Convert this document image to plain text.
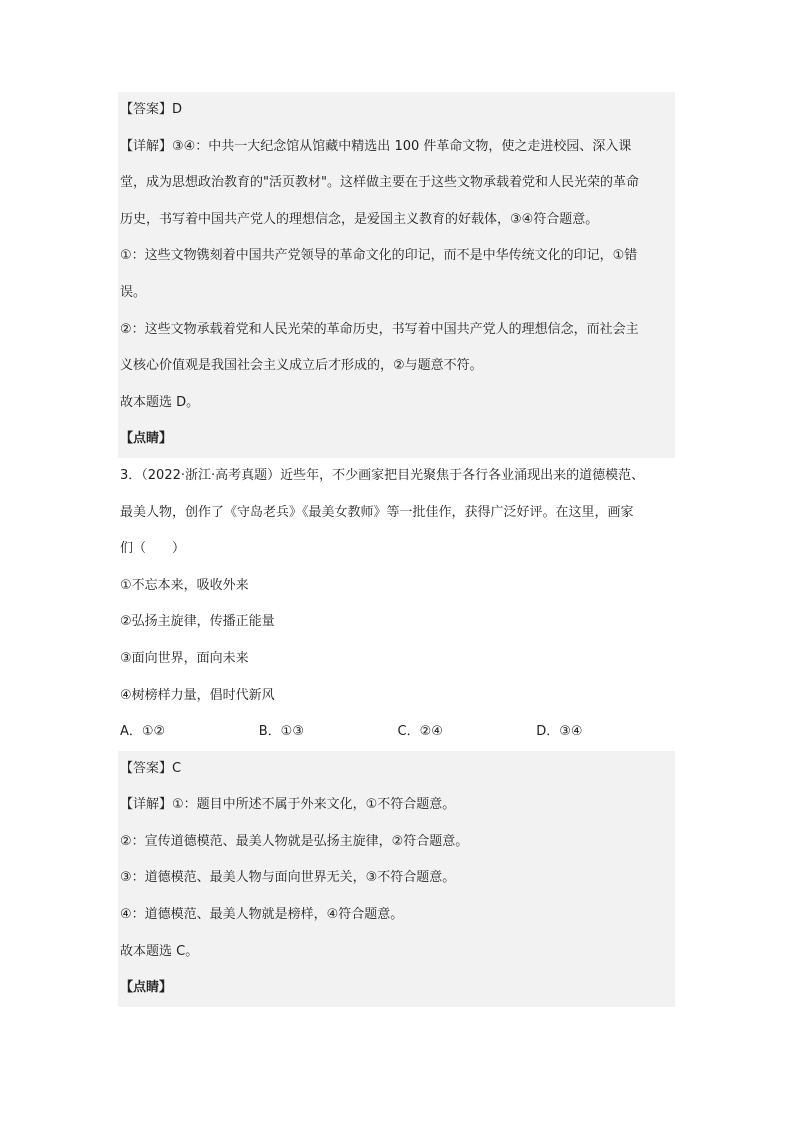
【答案】D
【详解】③④：中共一大纪念馆从馆藏中精选出 100 件革命文物，使之走进校园、深入课
堂，成为思想政治教育的"活页教材"。这样做主要在于这些文物承载着党和人民光荣的革命
历史，书写着中国共产党人的理想信念，是爱国主义教育的好载体，③④符合题意。
①：这些文物镌刻着中国共产党领导的革命文化的印记，而不是中华传统文化的印记，①错
误。
②：这些文物承载着党和人民光荣的革命历史，书写着中国共产党人的理想信念，而社会主
义核心价值观是我国社会主义成立后才形成的，②与题意不符。
故本题选 D。
【点睛】
3．（2022·浙江·高考真题）近些年，不少画家把目光聚焦于各行各业涌现出来的道德模范、
最美人物，创作了《守岛老兵》《最美女教师》等一批佳作，获得广泛好评。在这里，画家
们（　　）
①不忘本来，吸收外来
②弘扬主旋律，传播正能量
③面向世界，面向未来
④树榜样力量，倡时代新风
A．①②	B．①③	C．②④	D．③④
【答案】C
【详解】①：题目中所述不属于外来文化，①不符合题意。
②：宣传道德模范、最美人物就是弘扬主旋律，②符合题意。
③：道德模范、最美人物与面向世界无关，③不符合题意。
④：道德模范、最美人物就是榜样，④符合题意。
故本题选 C。
【点睛】
